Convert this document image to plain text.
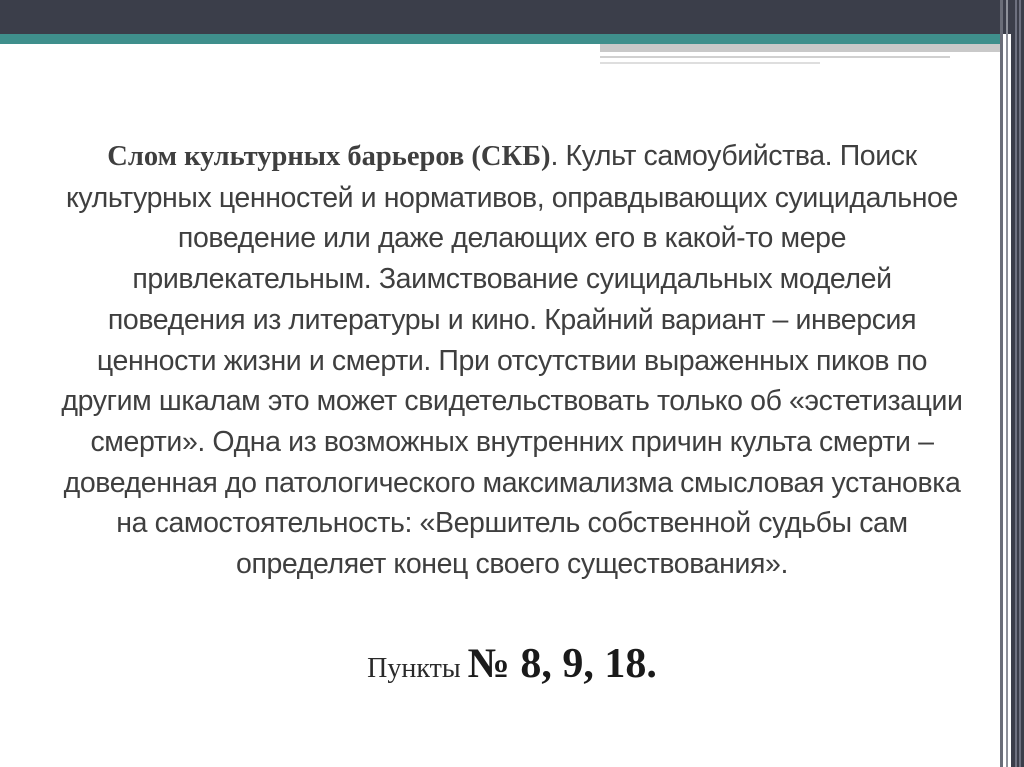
Слом культурных барьеров (СКБ). Культ самоубийства. Поиск культурных ценностей и нормативов, оправдывающих суицидальное поведение или даже делающих его в какой-то мере привлекательным. Заимствование суицидальных моделей поведения из литературы и кино. Крайний вариант – инверсия ценности жизни и смерти. При отсутствии выраженных пиков по другим шкалам это может свидетельствовать только об «эстетизации смерти». Одна из возможных внутренних причин культа смерти – доведенная до патологического максимализма смысловая установка на самостоятельность: «Вершитель собственной судьбы сам определяет конец своего существования».
Пункты № 8, 9, 18.
